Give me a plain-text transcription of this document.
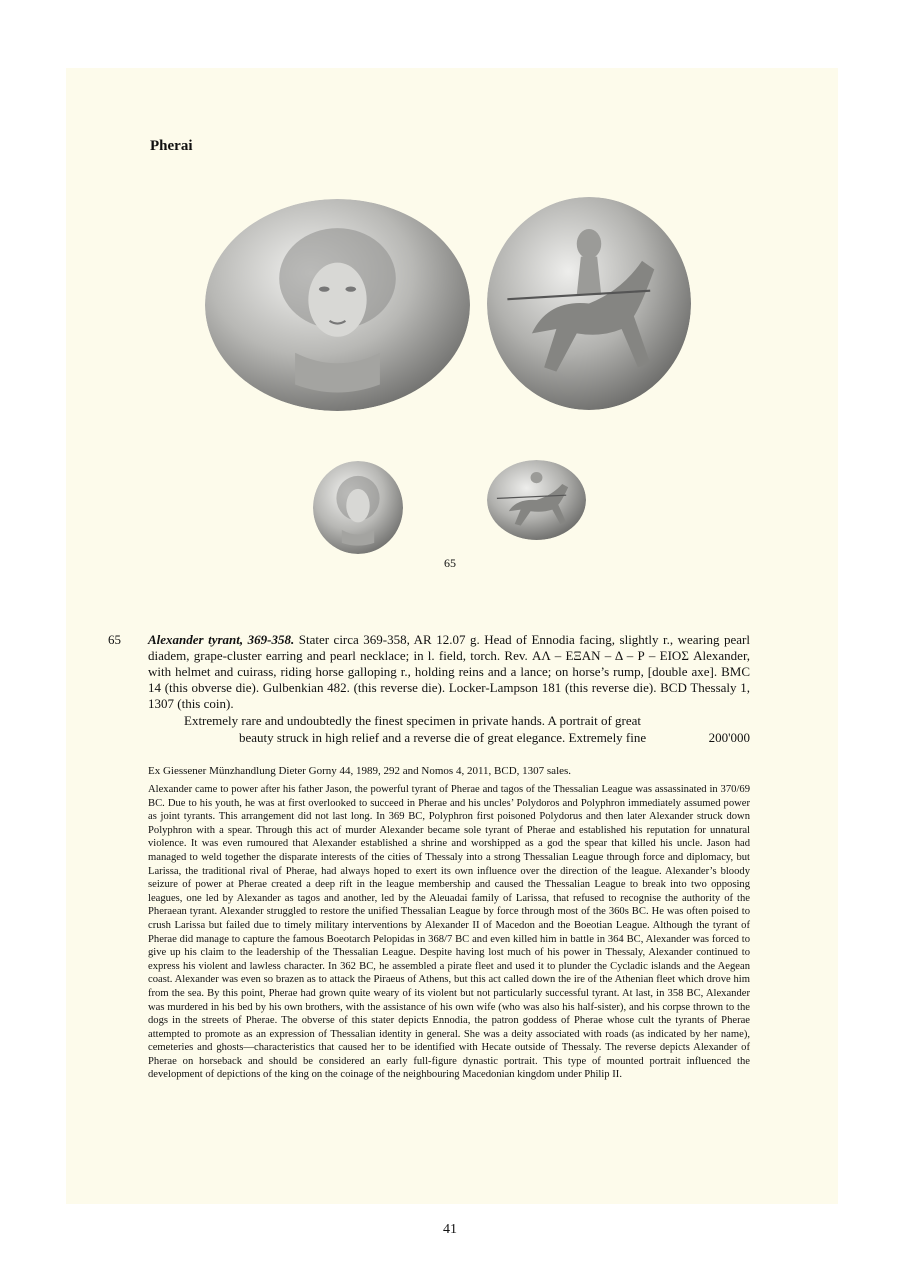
Pherai
65
65 Alexander tyrant, 369-358. Stater circa 369-358, AR 12.07 g. Head of Ennodia facing, slightly r., wearing pearl diadem, grape-cluster earring and pearl necklace; in l. field, torch. Rev. ΑΛ – ΕΞΑΝ – Δ – Ρ – ΕΙΟΣ Alexander, with helmet and cuirass, riding horse galloping r., holding reins and a lance; on horse’s rump, [double axe]. BMC 14 (this obverse die). Gulbenkian 482. (this reverse die). Locker-Lampson 181 (this reverse die). BCD Thessaly 1, 1307 (this coin).
Extremely rare and undoubtedly the finest specimen in private hands. A portrait of great
beauty struck in high relief and a reverse die of great elegance. Extremely fine	200'000
Ex Giessener Münzhandlung Dieter Gorny 44, 1989, 292 and Nomos 4, 2011, BCD, 1307 sales.
Alexander came to power after his father Jason, the powerful tyrant of Pherae and tagos of the Thessalian League was assassinated in 370/69 BC. Due to his youth, he was at first overlooked to succeed in Pherae and his uncles’ Polydoros and Polyphron immediately assumed power as joint tyrants. This arrangement did not last long. In 369 BC, Polyphron first poisoned Polydorus and then later Alexander struck down Polyphron with a spear. Through this act of murder Alexander became sole tyrant of Pherae and established his reputation for unnatural violence. It was even rumoured that Alexander established a shrine and worshipped as a god the spear that killed his uncle. Jason had managed to weld together the disparate interests of the cities of Thessaly into a strong Thessalian League through force and diplomacy, but Larissa, the traditional rival of Pherae, had always hoped to exert its own influence over the direction of the league. Alexander’s bloody seizure of power at Pherae created a deep rift in the league membership and caused the Thessalian League to break into two opposing leagues, one led by Alexander as tagos and another, led by the Aleuadai family of Larissa, that refused to recognise the authority of the Pheraean tyrant. Alexander struggled to restore the unified Thessalian League by force through most of the 360s BC. He was often poised to crush Larissa but failed due to timely military interventions by Alexander II of Macedon and the Boeotian League. Although the tyrant of Pherae did manage to capture the famous Boeotarch Pelopidas in 368/7 BC and even killed him in battle in 364 BC, Alexander was forced to give up his claim to the leadership of the Thessalian League. Despite having lost much of his power in Thessaly, Alexander continued to express his violent and lawless character. In 362 BC, he assembled a pirate fleet and used it to plunder the Cycladic islands and the Aegean coast. Alexander was even so brazen as to attack the Piraeus of Athens, but this act called down the ire of the Athenian fleet which drove him from the sea. By this point, Pherae had grown quite weary of its violent but not particularly successful tyrant. At last, in 358 BC, Alexander was murdered in his bed by his own brothers, with the assistance of his own wife (who was also his half-sister), and his corpse thrown to the dogs in the streets of Pherae. The obverse of this stater depicts Ennodia, the patron goddess of Pherae whose cult the tyrants of Pherae attempted to promote as an expression of Thessalian identity in general. She was a deity associated with roads (as indicated by her name), cemeteries and ghosts—characteristics that caused her to be identified with Hecate outside of Thessaly. The reverse depicts Alexander of Pherae on horseback and should be considered an early full-figure dynastic portrait. This type of mounted portrait influenced the development of depictions of the king on the coinage of the neighbouring Macedonian kingdom under Philip II.
41
